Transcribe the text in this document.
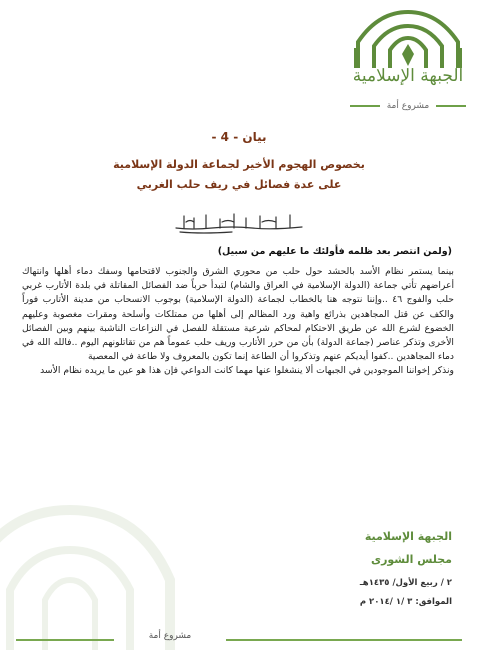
الجبهة الإسلامية
مشروع أمة
بيان - 4 -
بخصوص الهجوم الأخير لجماعة الدولة الإسلامية
على عدة فصائل في ريف حلب الغربي
(ولمن انتصر بعد ظلمه فأولئك ما عليهم من سبيل)

بينما يستمر نظام الأسد بالحشد حول حلب من محوري الشرق والجنوب لاقتحامها وسفك دماء أهلها وانتهاك أعراضهم تأتي جماعة (الدولة الإسلامية في العراق والشام) لتبدأ حرباً ضد الفصائل المقاتلة في بلدة الأتارب غربي حلب والفوج ٤٦ ..وإننا نتوجه هنا بالخطاب لجماعة (الدولة الإسلامية) بوجوب الانسحاب من مدينة الأتارب فوراً والكف عن قتل المجاهدين بذرائع واهية ورد المظالم إلى أهلها من ممتلكات وأسلحة ومقرات مغصوبة وعليهم الخضوع لشرع الله عن طريق الاحتكام لمحاكم شرعية مستقلة للفصل في النزاعات الناشبة بينهم وبين الفصائل الأخرى وتذكر عناصر (جماعة الدولة) بأن من حرر الأتارب وريف حلب عموماً هم من تقاتلونهم اليوم ..فالله الله في دماء المجاهدين ..كفوا أيديكم عنهم وتذكروا أن الطاعة إنما تكون بالمعروف ولا طاعة في المعصية

ونذكر إخواننا الموجودين في الجبهات ألا ينشغلوا عنها مهما كانت الدواعي فإن هذا هو عين ما يريده نظام الأسد

الجبهة الإسلامية
مجلس الشورى
٢ / ربيع الأول/ ١٤٣٥هـ
الموافق: ٣ /١ /٢٠١٤ م
مشروع أمة
